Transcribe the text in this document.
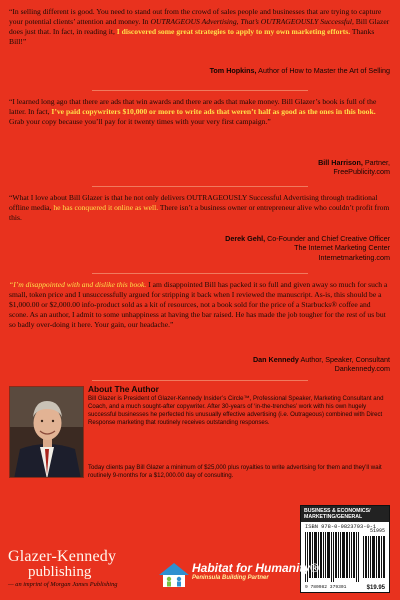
“In selling different is good. You need to stand out from the crowd of sales people and businesses that are trying to capture your potential clients’ attention and money. In OUTRAGEOUS Advertising, That’s OUTRAGEOUSLY Successful, Bill Glazer does just that. In fact, in reading it, I discovered some great strategies to apply to my own marketing efforts. Thanks Bill!”
Tom Hopkins, Author of How to Master the Art of Selling
“I learned long ago that there are ads that win awards and there are ads that make money. Bill Glazer’s book is full of the latter. In fact, I’ve paid copywriters $10,000 or more to write ads that weren’t half as good as the ones in this book. Grab your copy because you’ll pay for it twenty times with your very first campaign.”
Bill Harrison, Partner,
FreePublicity.com
“What I love about Bill Glazer is that he not only delivers OUTRAGEOUSLY Successful Advertising through traditional offline media, he has conquered it online as well. There isn’t a business owner or entrepreneur alive who couldn’t profit from this.
Derek Gehl, Co-Founder and Chief Creative Officer
The Internet Marketing Center
Internetmarketing.com
“I’m disappointed with and dislike this book. I am disappointed Bill has packed it so full and given away so much for such a small, token price and I unsuccessfully argued for stripping it back when I reviewed the manuscript. As-is, this should be a $1,000.00 or $2,000.00 info-product sold as a kit of resources, not a book sold for the price of a Starbucks® coffee and scone. As an author, I admit to some unhappiness at having the bar raised. He has made the job tougher for the rest of us but so badly over-doing it here. Your gain, our headache.”
Dan Kennedy Author, Speaker, Consultant
Dankennedy.com
About The Author
Bill Glazer is President of Glazer-Kennedy Insider’s Circle™, Professional Speaker, Marketing Consultant and Coach, and a much sought-after copywriter. After 30-years of ‘in-the-trenches’ work with his own hugely successful businesses he perfected his unusually effective advertising (i.e. Outrageous) combined with Direct Response marketing that routinely receives outstanding responses.
Today clients pay Bill Glazer a minimum of $25,000 plus royalties to write advertising for them and they’ll wait routinely 9-months for a $12,000.00 day of consulting.
BUSINESS & ECONOMICS/ MARKETING/GENERAL
ISBN 978-0-9823793-0-1
51995
9 780982 379301	$19.95
Glazer-Kennedy
publishing
— an imprint of Morgan James Publishing
Habitat for Humanity®
Peninsula Building Partner
